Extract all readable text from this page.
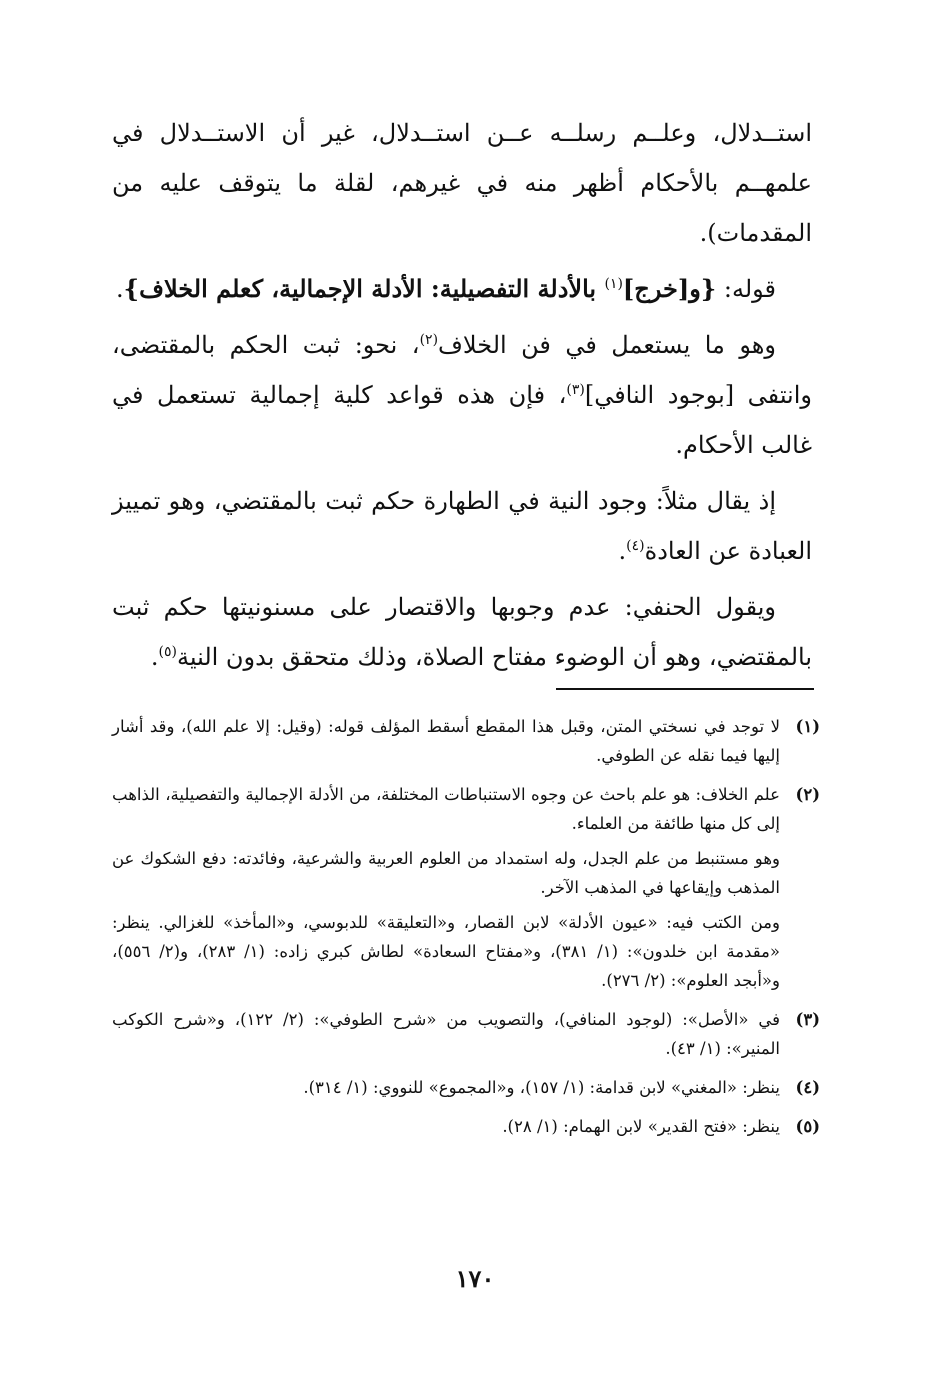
استــدلال، وعلــم رسلــه عــن استــدلال، غير أن الاستــدلال في علمهــم بالأحكام أظهر منه في غيرهم، لقلة ما يتوقف عليه من المقدمات).

قوله: {و[خرج]$^{(١)}$ بالأدلة التفصيلية: الأدلة الإجمالية، كعلم الخلاف}.

وهو ما يستعمل في فن الخلاف$^{(٢)}$، نحو: ثبت الحكم بالمقتضى، وانتفى [بوجود النافي]$^{(٣)}$، فإن هذه قواعد كلية إجمالية تستعمل في غالب الأحكام.

إذ يقال مثلاً: وجود النية في الطهارة حكم ثبت بالمقتضي، وهو تمييز العبادة عن العادة$^{(٤)}$.

ويقول الحنفي: عدم وجوبها والاقتصار على مسنونيتها حكم ثبت بالمقتضي، وهو أن الوضوء مفتاح الصلاة، وذلك متحقق بدون النية$^{(٥)}$.

(١)

لا توجد في نسختي المتن، وقبل هذا المقطع أسقط المؤلف قوله: (وقيل: إلا علم الله)، وقد أشار إليها فيما نقله عن الطوفي.

(٢)

علم الخلاف: هو علم باحث عن وجوه الاستنباطات المختلفة، من الأدلة الإجمالية والتفصيلية، الذاهب إلى كل منها طائفة من العلماء.

وهو مستنبط من علم الجدل، وله استمداد من العلوم العربية والشرعية، وفائدته: دفع الشكوك عن المذهب وإيقاعها في المذهب الآخر.

ومن الكتب فيه: «عيون الأدلة» لابن القصار، و«التعليقة» للدبوسي، و«المأخذ» للغزالي. ينظر: «مقدمة ابن خلدون»: (١/ ٣٨١)، و«مفتاح السعادة» لطاش كبري زاده: (١/ ٢٨٣)، و(٢/ ٥٥٦)، و«أبجد العلوم»: (٢/ ٢٧٦).

(٣)

في «الأصل»: (لوجود المنافي)، والتصويب من «شرح الطوفي»: (٢/ ١٢٢)، و«شرح الكوكب المنير»: (١/ ٤٣).

(٤)

ينظر: «المغني» لابن قدامة: (١/ ١٥٧)، و«المجموع» للنووي: (١/ ٣١٤).

(٥)

ينظر: «فتح القدير» لابن الهمام: (١/ ٢٨).

١٧٠
